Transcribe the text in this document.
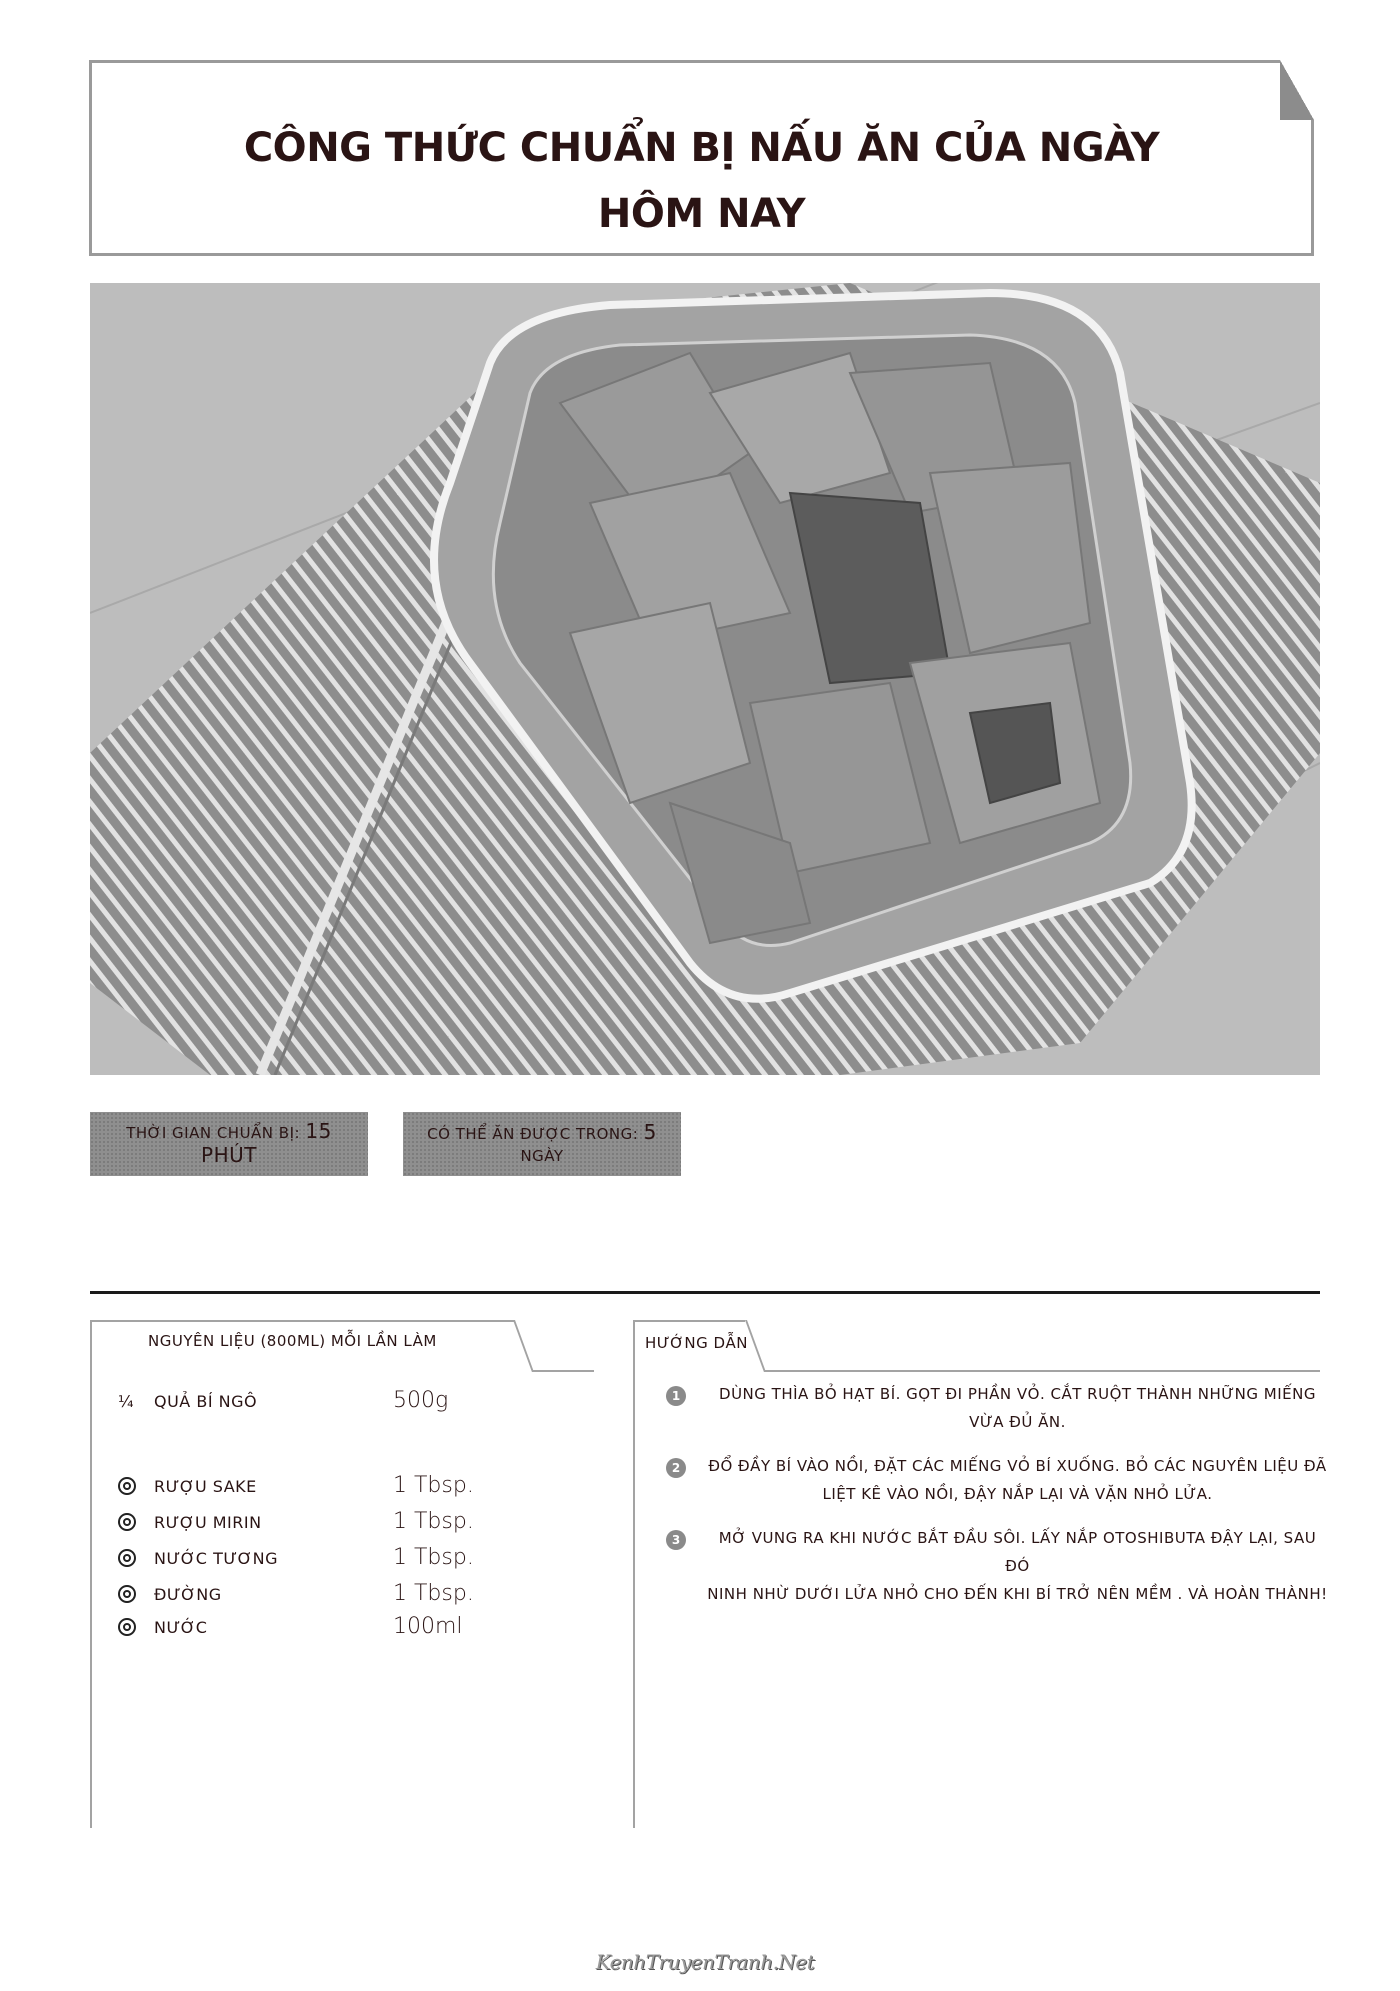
CÔNG THỨC CHUẨN BỊ NẤU ĂN CỦA NGÀY
HÔM NAY
THỜI GIAN CHUẨN BỊ: 15 PHÚT
CÓ THỂ ĂN ĐƯỢC TRONG: 5
NGÀY
NGUYÊN LIỆU (800ML) MỖI LẦN LÀM
¼ QUẢ BÍ NGÔ	500g
RƯỢU SAKE	1 Tbsp.
RƯỢU MIRIN	1 Tbsp.
NƯỚC TƯƠNG	1 Tbsp.
ĐƯỜNG	1 Tbsp.
NƯỚC	100ml
HƯỚNG DẪN
1	DÙNG THÌA BỎ HẠT BÍ. GỌT ĐI PHẦN VỎ. CẮT RUỘT THÀNH NHỮNG MIẾNG
VỪA ĐỦ ĂN.
2	ĐỔ ĐẦY BÍ VÀO NỒI, ĐẶT CÁC MIẾNG VỎ BÍ XUỐNG. BỎ CÁC NGUYÊN LIỆU ĐÃ
LIỆT KÊ VÀO NỒI, ĐẬY NẮP LẠI VÀ VẶN NHỎ LỬA.
3	MỞ VUNG RA KHI NƯỚC BẮT ĐẦU SÔI. LẤY NẮP OTOSHIBUTA ĐẬY LẠI, SAU ĐÓ
NINH NHỪ DƯỚI LỬA NHỎ CHO ĐẾN KHI BÍ TRỞ NÊN MỀM . VÀ HOÀN THÀNH!
KenhTruyenTranh.Net
